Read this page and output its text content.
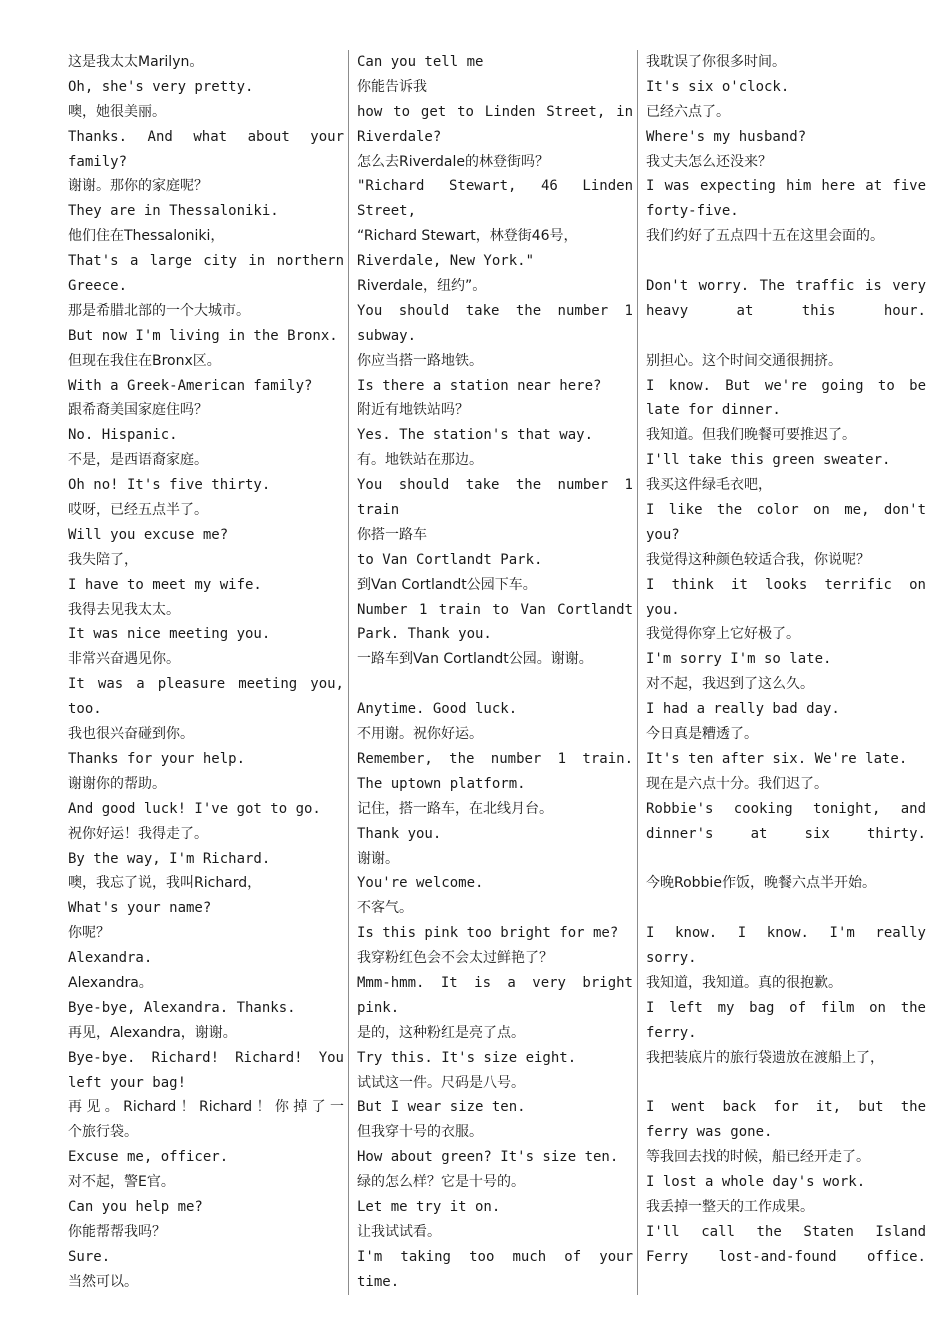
这是我太太Marilyn。
Oh, she's very pretty.
噢，她很美丽。
Thanks. And what about your
family?
谢谢。那你的家庭呢？
They are in Thessaloniki.
他们住在Thessaloniki，
That's a large city in northern
Greece.
那是希腊北部的一个大城市。
But now I'm living in the Bronx.
但现在我住在Bronx区。
With a Greek-American family?
跟希裔美国家庭住吗？
No. Hispanic.
不是，是西语裔家庭。
Oh no! It's five thirty.
哎呀，已经五点半了。
Will you excuse me?
我失陪了，
I have to meet my wife.
我得去见我太太。
It was nice meeting you.
非常兴奋遇见你。
It was a pleasure meeting you,
too.
我也很兴奋碰到你。
Thanks for your help.
谢谢你的帮助。
And good luck! I've got to go.
祝你好运！我得走了。
By the way, I'm Richard.
噢，我忘了说，我叫Richard，
What's your name?
你呢？
Alexandra.
Alexandra。
Bye-bye, Alexandra. Thanks.
再见，Alexandra，谢谢。
Bye-bye. Richard! Richard! You
left your bag!
再见。Richard！Richard！你掉了一
个旅行袋。
Excuse me, officer.
对不起，警E官。
Can you help me?
你能帮帮我吗？
Sure.
当然可以。
Can you tell me
你能告诉我
how to get to Linden Street, in
Riverdale?
怎么去Riverdale的林登街吗？
"Richard Stewart, 46 Linden
Street,
“Richard Stewart，林登街46号，
Riverdale, New York."
Riverdale，纽约”。
You should take the number 1
subway.
你应当搭一路地铁。
Is there a station near here?
附近有地铁站吗？
Yes. The station's that way.
有。地铁站在那边。
You should take the number 1
train
你搭一路车
to Van Cortlandt Park.
到Van Cortlandt公园下车。
Number 1 train to Van Cortlandt
Park. Thank you.
一路车到Van Cortlandt公园。谢谢。
Anytime. Good luck.
不用谢。祝你好运。
Remember, the number 1 train.
The uptown platform.
记住，搭一路车，在北线月台。
Thank you.
谢谢。
You're welcome.
不客气。
Is this pink too bright for me?
我穿粉红色会不会太过鲜艳了？
Mmm-hmm. It is a very bright
pink.
是的，这种粉红是亮了点。
Try this. It's size eight.
试试这一件。尺码是八号。
But I wear size ten.
但我穿十号的衣服。
How about green? It's size ten.
绿的怎么样？它是十号的。
Let me try it on.
让我试试看。
I'm taking too much of your
time.
我耽误了你很多时间。
It's six o'clock.
已经六点了。
Where's my husband?
我丈夫怎么还没来？
I was expecting him here at five
forty-five.
我们约好了五点四十五在这里会面的。
Don't worry. The traffic is very
heavy at this hour.
别担心。这个时间交通很拥挤。
I know. But we're going to be
late for dinner.
我知道。但我们晚餐可要推迟了。
I'll take this green sweater.
我买这件绿毛衣吧，
I like the color on me, don't
you?
我觉得这种颜色较适合我，你说呢？
I think it looks terrific on
you.
我觉得你穿上它好极了。
I'm sorry I'm so late.
对不起，我迟到了这么久。
I had a really bad day.
今日真是糟透了。
It's ten after six. We're late.
现在是六点十分。我们迟了。
Robbie's cooking tonight, and
dinner's at six thirty.
今晚Robbie作饭，晚餐六点半开始。
I know. I know. I'm really
sorry.
我知道，我知道。真的很抱歉。
I left my bag of film on the
ferry.
我把装底片的旅行袋遗放在渡船上了，
I went back for it, but the
ferry was gone.
等我回去找的时候，船已经开走了。
I lost a whole day's work.
我丢掉一整天的工作成果。
I'll call the Staten Island
Ferry lost-and-found office.
